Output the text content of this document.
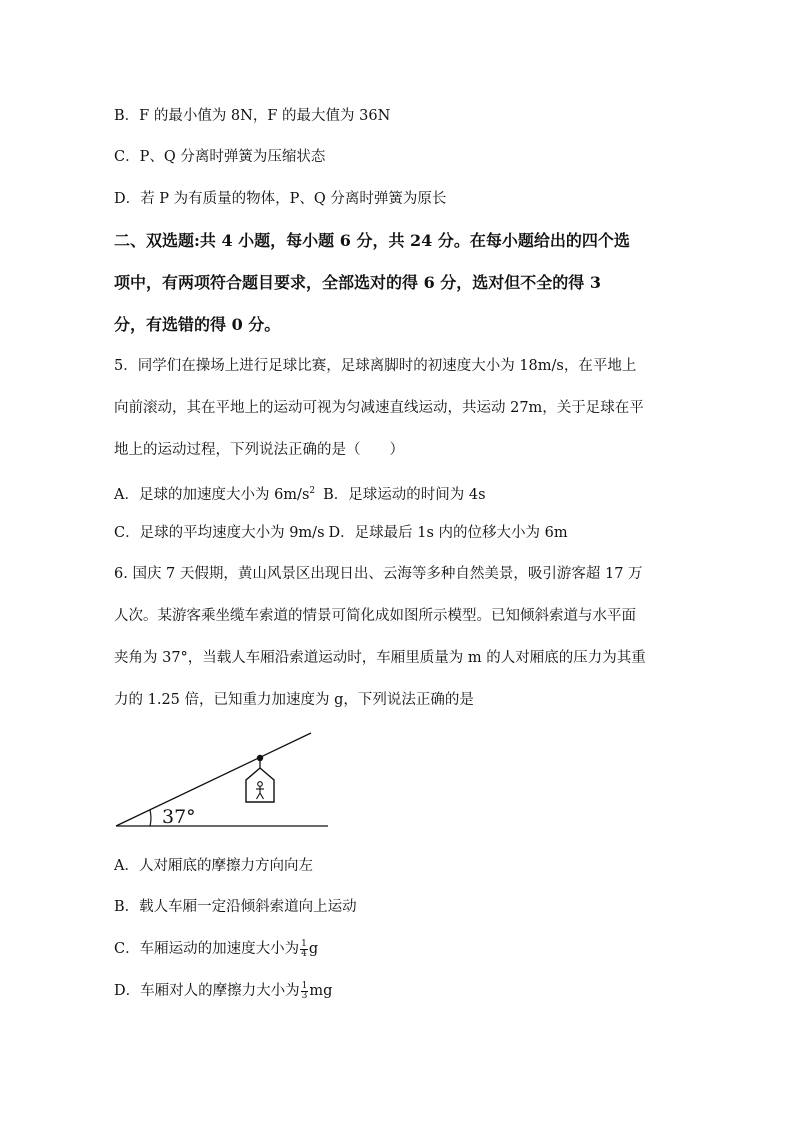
B．F 的最小值为 8N，F 的最大值为 36N
C．P、Q 分离时弹簧为压缩状态
D．若 P 为有质量的物体，P、Q 分离时弹簧为原长
二、双选题:共 4 小题，每小题 6 分，共 24 分。在每小题给出的四个选
项中，有两项符合题目要求，全部选对的得 6 分，选对但不全的得 3
分，有选错的得 0 分。
5．同学们在操场上进行足球比赛，足球离脚时的初速度大小为 18m/s，在平地上
向前滚动，其在平地上的运动可视为匀减速直线运动，共运动 27m，关于足球在平
地上的运动过程，下列说法正确的是（　　）
A．足球的加速度大小为 $6m/s^2$ B．足球运动的时间为 4s
C．足球的平均速度大小为 9m/s D．足球最后 1s 内的位移大小为 6m
6. 国庆 7 天假期，黄山风景区出现日出、云海等多种自然美景，吸引游客超 17 万
人次。某游客乘坐缆车索道的情景可简化成如图所示模型。已知倾斜索道与水平面
夹角为 37°，当载人车厢沿索道运动时，车厢里质量为 m 的人对厢底的压力为其重
力的 1.25 倍，已知重力加速度为 g，下列说法正确的是
37°
A．人对厢底的摩擦力方向向左
B．载人车厢一定沿倾斜索道向上运动
C．车厢运动的加速度大小为 $\frac{1}{4}$ g
D．车厢对人的摩擦力大小为 $\frac{1}{3}$ mg
